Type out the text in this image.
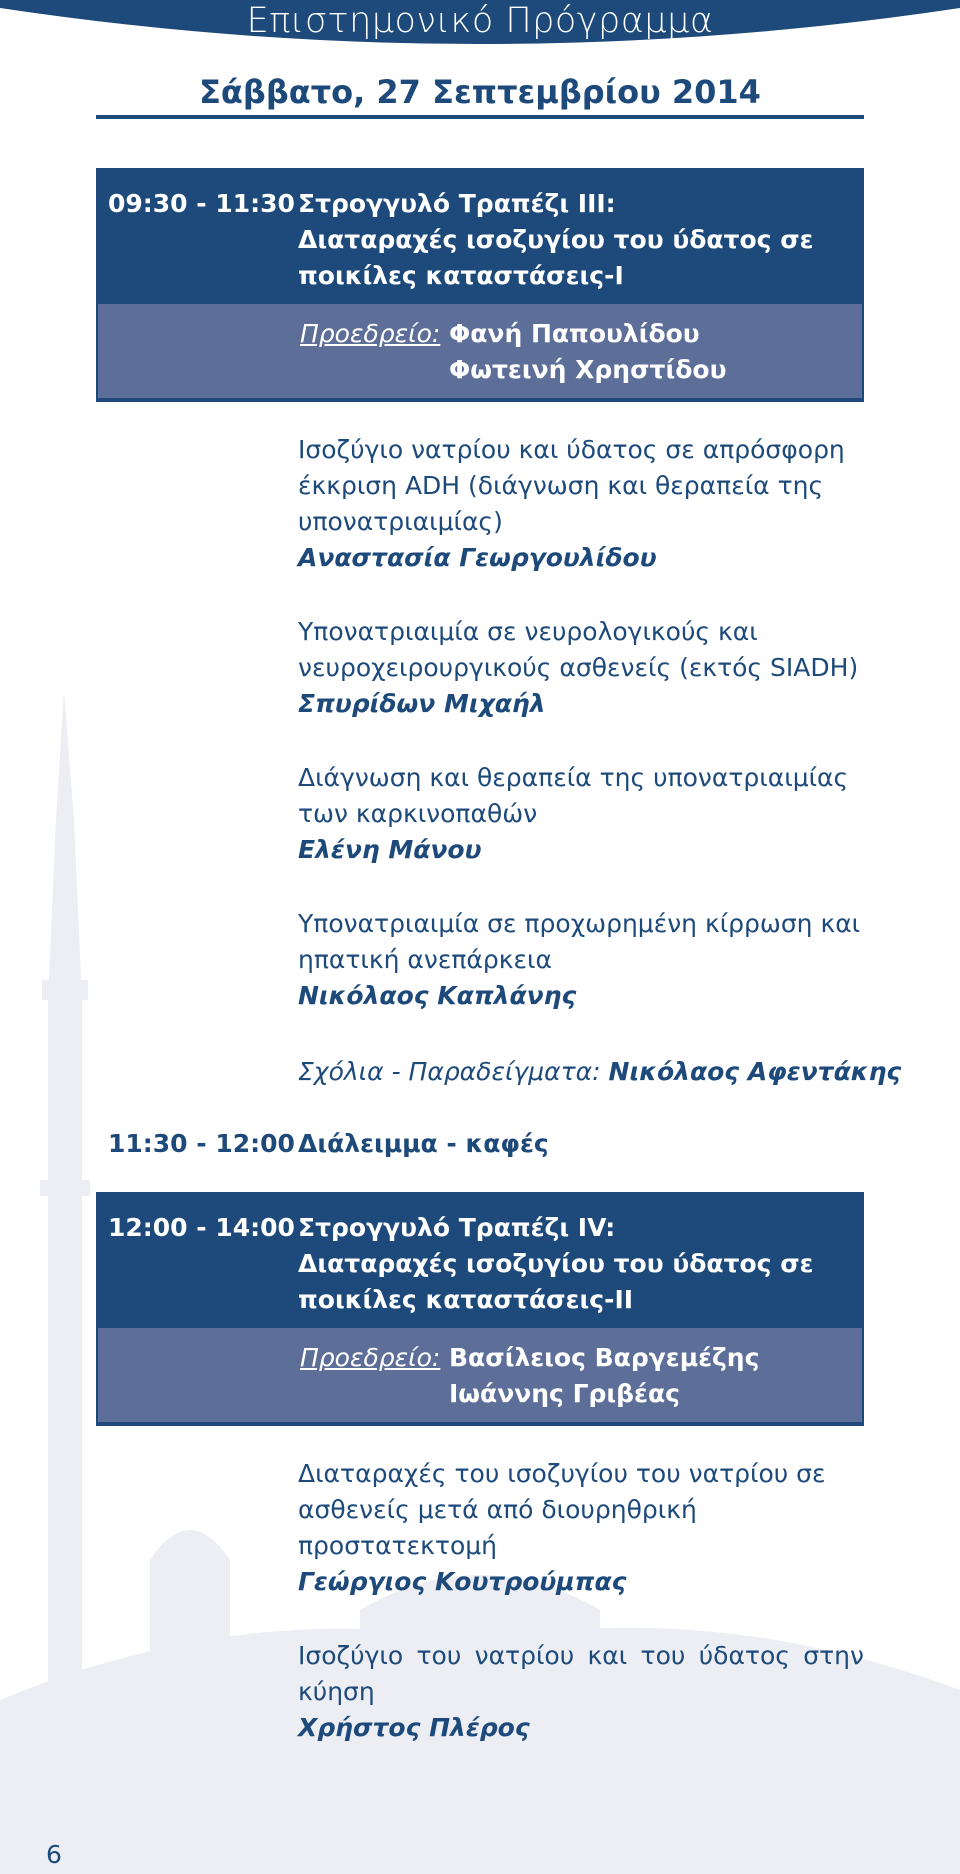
Επιστημονικό Πρόγραμμα
Σάββατο, 27 Σεπτεμβρίου 2014
09:30 - 11:30 Στρογγυλό Τραπέζι ΙΙΙ:
Διαταραχές ισοζυγίου του ύδατος σε
ποικίλες καταστάσεις-Ι
Προεδρείο: Φανή Παπουλίδου
Φωτεινή Χρηστίδου
Ισοζύγιο νατρίου και ύδατος σε απρόσφορη
έκκριση ADH (διάγνωση και θεραπεία της
υπονατριαιμίας)
Αναστασία Γεωργουλίδου
Υπονατριαιμία σε νευρολογικούς και
νευροχειρουργικούς ασθενείς (εκτός SIADH)
Σπυρίδων Μιχαήλ
Διάγνωση και θεραπεία της υπονατριαιμίας
των καρκινοπαθών
Ελένη Μάνου
Υπονατριαιμία σε προχωρημένη κίρρωση και
ηπατική ανεπάρκεια
Νικόλαος Καπλάνης
Σχόλια - Παραδείγματα: Νικόλαος Αφεντάκης
11:30 - 12:00 Διάλειμμα - καφές
12:00 - 14:00 Στρογγυλό Τραπέζι IV:
Διαταραχές ισοζυγίου του ύδατος σε
ποικίλες καταστάσεις-ΙΙ
Προεδρείο: Βασίλειος Βαργεμέζης
Ιωάννης Γριβέας
Διαταραχές του ισοζυγίου του νατρίου σε
ασθενείς μετά από διουρηθρική
προστατεκτομή
Γεώργιος Κουτρούμπας
Ισοζύγιο του νατρίου και του ύδατος στην
κύηση
Χρήστος Πλέρος
6
